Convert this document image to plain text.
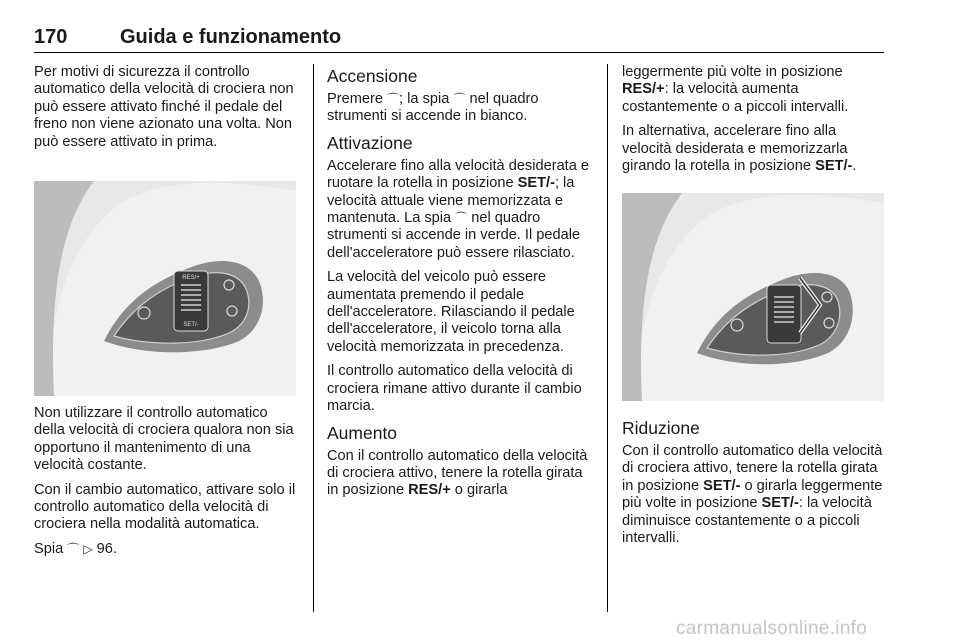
170	Guida e funzionamento

Per motivi di sicurezza il controllo automatico della velocità di crociera non può essere attivato finché il pedale del freno non viene azionato una volta. Non può essere attivato in prima.

RES/+
SET/-

Non utilizzare il controllo automatico della velocità di crociera qualora non sia opportuno il mantenimento di una velocità costante.

Con il cambio automatico, attivare solo il controllo automatico della velocità di crociera nella modalità automatica.

Spia ⌒ ▷ 96.

Accensione

Premere ⌒; la spia ⌒ nel quadro strumenti si accende in bianco.

Attivazione

Accelerare fino alla velocità desiderata e ruotare la rotella in posizione SET/-; la velocità attuale viene memorizzata e mantenuta. La spia ⌒ nel quadro strumenti si accende in verde. Il pedale dell'acceleratore può essere rilasciato.

La velocità del veicolo può essere aumentata premendo il pedale dell'acceleratore. Rilasciando il pedale dell'acceleratore, il veicolo torna alla velocità memorizzata in precedenza.

Il controllo automatico della velocità di crociera rimane attivo durante il cambio marcia.

Aumento

Con il controllo automatico della velocità di crociera attivo, tenere la rotella girata in posizione RES/+ o girarla

leggermente più volte in posizione RES/+: la velocità aumenta costantemente o a piccoli intervalli.

In alternativa, accelerare fino alla velocità desiderata e memorizzarla girando la rotella in posizione SET/-.

Riduzione

Con il controllo automatico della velocità di crociera attivo, tenere la rotella girata in posizione SET/- o girarla leggermente più volte in posizione SET/-: la velocità diminuisce costantemente o a piccoli intervalli.

carmanualsonline.info
